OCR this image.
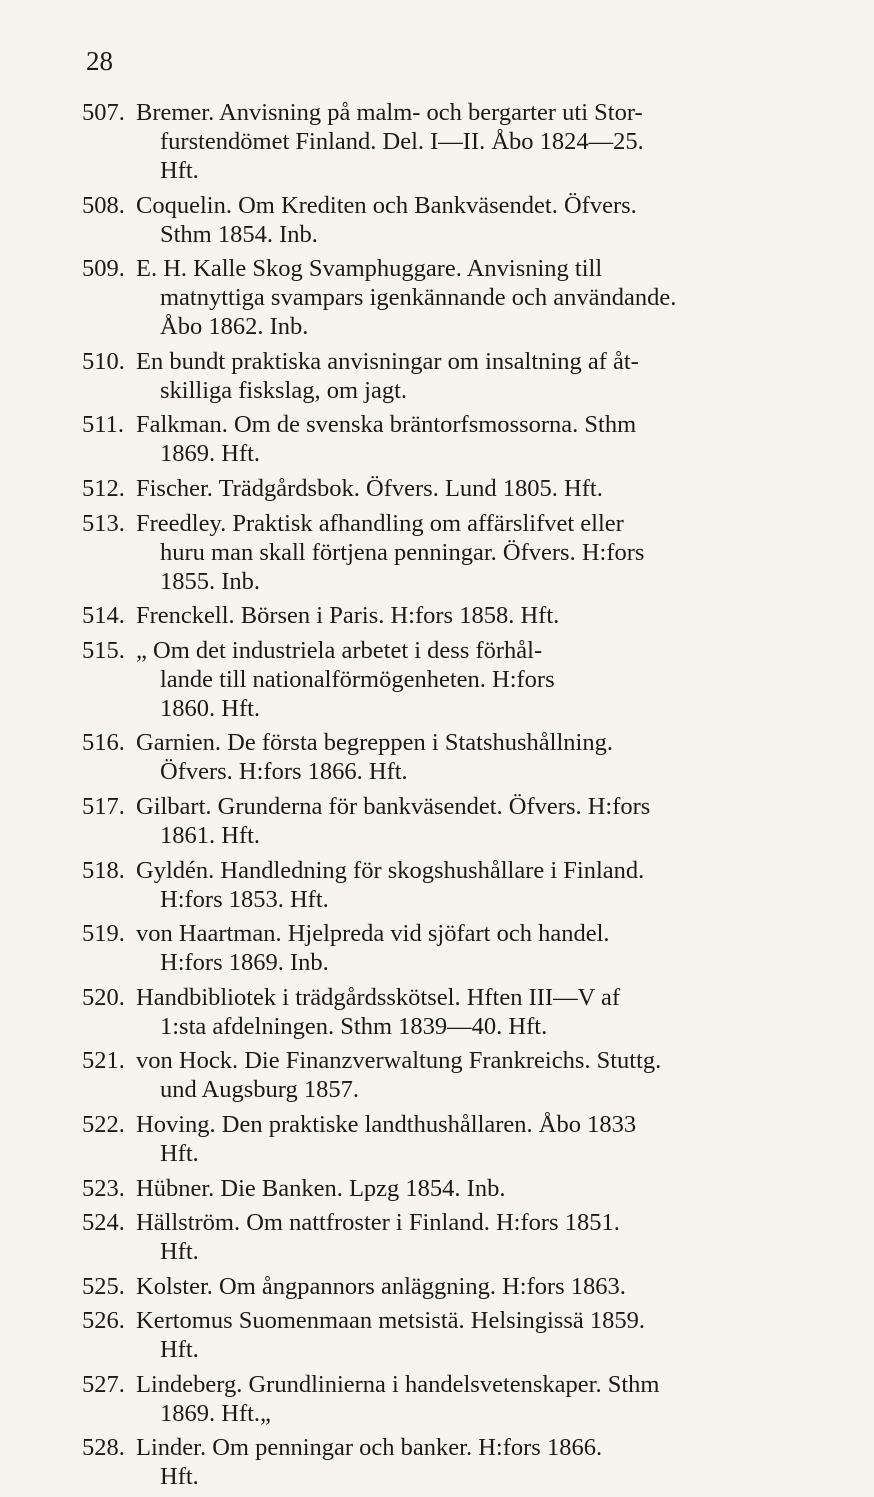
28
507. Bremer. Anvisning på malm- och bergarter uti Stor-
furstendömet Finland. Del. I—II. Åbo 1824—25.
Hft.
508. Coquelin. Om Krediten och Bankväsendet. Öfvers.
Sthm 1854. Inb.
509. E. H. Kalle Skog Svamphuggare. Anvisning till
matnyttiga svampars igenkännande och användande.
Åbo 1862. Inb.
510. En bundt praktiska anvisningar om insaltning af åt-
skilliga fiskslag, om jagt.
511. Falkman. Om de svenska bräntorfsmossorna. Sthm
1869. Hft.
512. Fischer. Trädgårdsbok. Öfvers. Lund 1805. Hft.
513. Freedley. Praktisk afhandling om affärslifvet eller
huru man skall förtjena penningar. Öfvers. H:fors
1855. Inb.
514. Frenckell. Börsen i Paris. H:fors 1858. Hft.
515. „ Om det industriela arbetet i dess förhål-
lande till nationalförmögenheten. H:fors
1860. Hft.
516. Garnien. De första begreppen i Statshushållning.
Öfvers. H:fors 1866. Hft.
517. Gilbart. Grunderna för bankväsendet. Öfvers. H:fors
1861. Hft.
518. Gyldén. Handledning för skogshushållare i Finland.
H:fors 1853. Hft.
519. von Haartman. Hjelpreda vid sjöfart och handel.
H:fors 1869. Inb.
520. Handbibliotek i trädgårdsskötsel. Hften III—V af
1:sta afdelningen. Sthm 1839—40. Hft.
521. von Hock. Die Finanzverwaltung Frankreichs. Stuttg.
und Augsburg 1857.
522. Hoving. Den praktiske landthushållaren. Åbo 1833
Hft.
523. Hübner. Die Banken. Lpzg 1854. Inb.
524. Hällström. Om nattfroster i Finland. H:fors 1851.
Hft.
525. Kolster. Om ångpannors anläggning. H:fors 1863.
526. Kertomus Suomenmaan metsistä. Helsingissä 1859.
Hft.
527. Lindeberg. Grundlinierna i handelsvetenskaper. Sthm
1869. Hft.„
528. Linder. Om penningar och banker. H:fors 1866.
Hft.
